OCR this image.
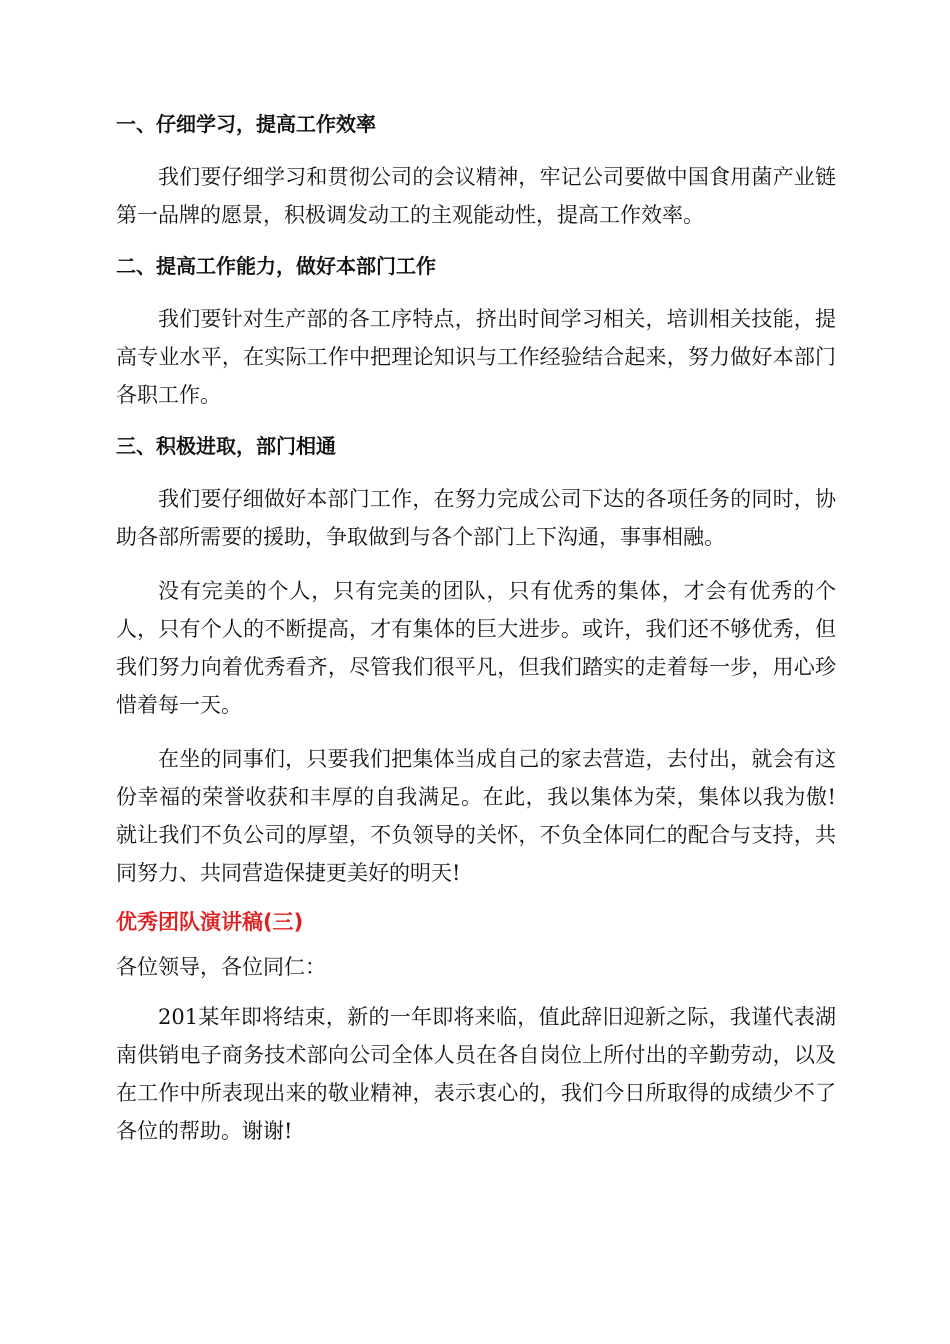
一、仔细学习，提高工作效率

我们要仔细学习和贯彻公司的会议精神，牢记公司要做中国食用菌产业链第一品牌的愿景，积极调发动工的主观能动性，提高工作效率。

二、提高工作能力，做好本部门工作

我们要针对生产部的各工序特点，挤出时间学习相关，培训相关技能，提高专业水平，在实际工作中把理论知识与工作经验结合起来，努力做好本部门各职工作。

三、积极进取，部门相通

我们要仔细做好本部门工作，在努力完成公司下达的各项任务的同时，协助各部所需要的援助，争取做到与各个部门上下沟通，事事相融。

没有完美的个人，只有完美的团队，只有优秀的集体，才会有优秀的个人，只有个人的不断提高，才有集体的巨大进步。或许，我们还不够优秀，但我们努力向着优秀看齐，尽管我们很平凡，但我们踏实的走着每一步，用心珍惜着每一天。

在坐的同事们，只要我们把集体当成自己的家去营造，去付出，就会有这份幸福的荣誉收获和丰厚的自我满足。在此，我以集体为荣，集体以我为傲!就让我们不负公司的厚望，不负领导的关怀，不负全体同仁的配合与支持，共同努力、共同营造保捷更美好的明天!

优秀团队演讲稿(三)

各位领导，各位同仁：

201某年即将结束，新的一年即将来临，值此辞旧迎新之际，我谨代表湖南供销电子商务技术部向公司全体人员在各自岗位上所付出的辛勤劳动，以及在工作中所表现出来的敬业精神，表示衷心的，我们今日所取得的成绩少不了各位的帮助。谢谢!
